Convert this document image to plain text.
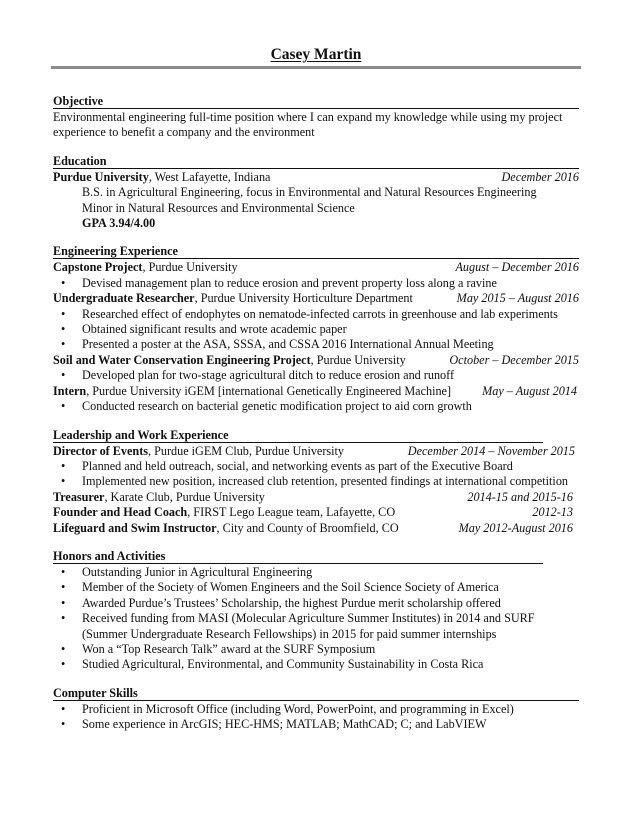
Casey Martin
Objective
Environmental engineering full-time position where I can expand my knowledge while using my project experience to benefit a company and the environment
Education
Purdue University, West Lafayette, Indiana	December 2016
B.S. in Agricultural Engineering, focus in Environmental and Natural Resources Engineering
Minor in Natural Resources and Environmental Science
GPA 3.94/4.00
Engineering Experience
Capstone Project, Purdue University	August – December 2016
• Devised management plan to reduce erosion and prevent property loss along a ravine
Undergraduate Researcher, Purdue University Horticulture Department	May 2015 – August 2016
• Researched effect of endophytes on nematode-infected carrots in greenhouse and lab experiments
• Obtained significant results and wrote academic paper
• Presented a poster at the ASA, SSSA, and CSSA 2016 International Annual Meeting
Soil and Water Conservation Engineering Project, Purdue University	October – December 2015
• Developed plan for two-stage agricultural ditch to reduce erosion and runoff
Intern, Purdue University iGEM [international Genetically Engineered Machine]	May – August 2014
• Conducted research on bacterial genetic modification project to aid corn growth
Leadership and Work Experience
Director of Events, Purdue iGEM Club, Purdue University	December 2014 – November 2015
• Planned and held outreach, social, and networking events as part of the Executive Board
• Implemented new position, increased club retention, presented findings at international competition
Treasurer, Karate Club, Purdue University	2014-15 and 2015-16
Founder and Head Coach, FIRST Lego League team, Lafayette, CO	2012-13
Lifeguard and Swim Instructor, City and County of Broomfield, CO	May 2012-August 2016
Honors and Activities
• Outstanding Junior in Agricultural Engineering
• Member of the Society of Women Engineers and the Soil Science Society of America
• Awarded Purdue’s Trustees’ Scholarship, the highest Purdue merit scholarship offered
• Received funding from MASI (Molecular Agriculture Summer Institutes) in 2014 and SURF (Summer Undergraduate Research Fellowships) in 2015 for paid summer internships
• Won a “Top Research Talk” award at the SURF Symposium
• Studied Agricultural, Environmental, and Community Sustainability in Costa Rica
Computer Skills
• Proficient in Microsoft Office (including Word, PowerPoint, and programming in Excel)
• Some experience in ArcGIS; HEC-HMS; MATLAB; MathCAD; C; and LabVIEW
